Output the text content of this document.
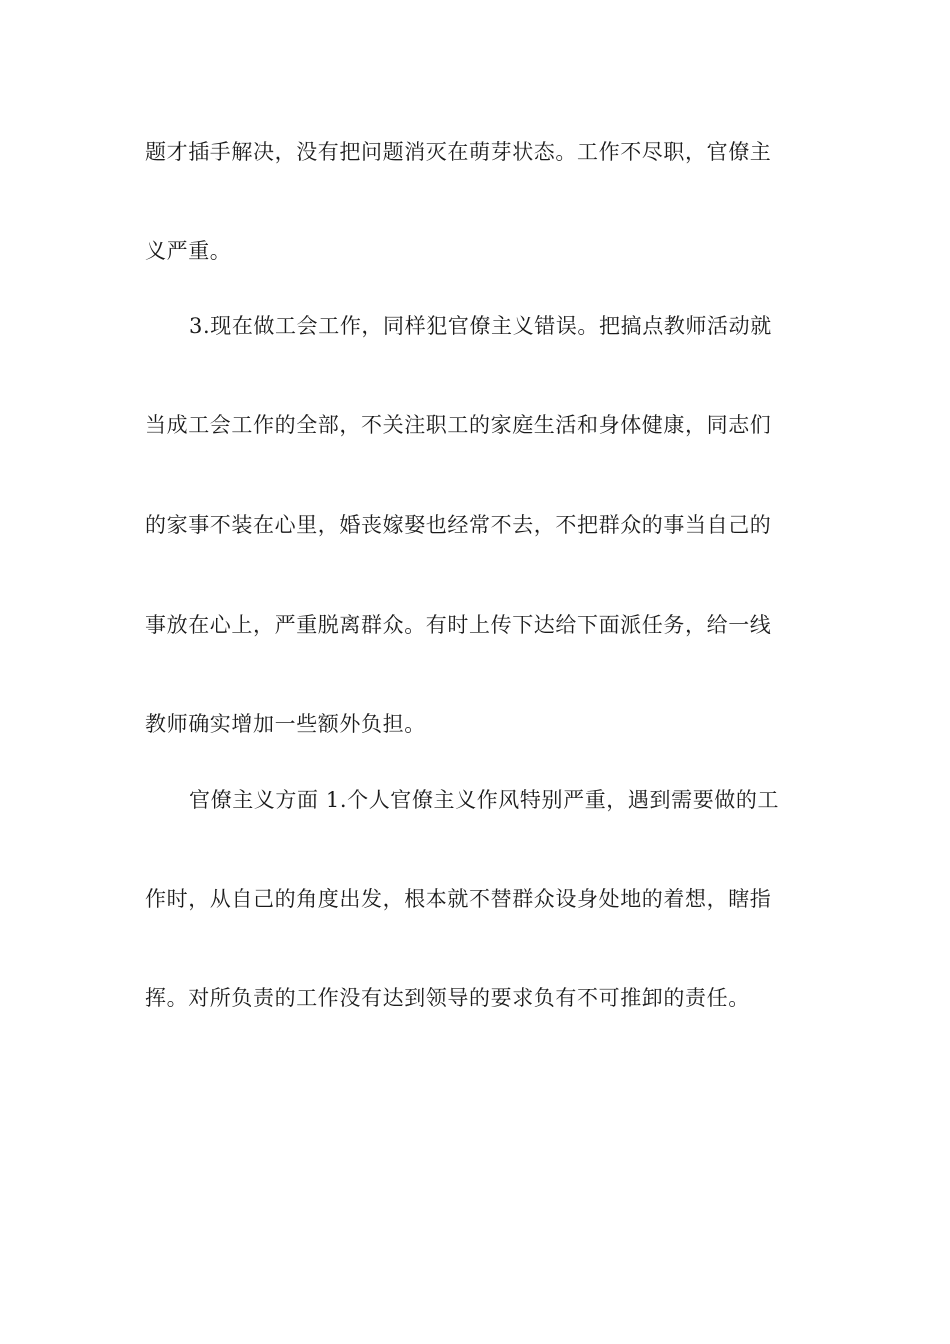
题才插手解决，没有把问题消灭在萌芽状态。工作不尽职，官僚主
义严重。
3.现在做工会工作，同样犯官僚主义错误。把搞点教师活动就
当成工会工作的全部，不关注职工的家庭生活和身体健康，同志们
的家事不装在心里，婚丧嫁娶也经常不去，不把群众的事当自己的
事放在心上，严重脱离群众。有时上传下达给下面派任务，给一线
教师确实增加一些额外负担。
官僚主义方面 1.个人官僚主义作风特别严重，遇到需要做的工
作时，从自己的角度出发，根本就不替群众设身处地的着想，瞎指
挥。对所负责的工作没有达到领导的要求负有不可推卸的责任。
